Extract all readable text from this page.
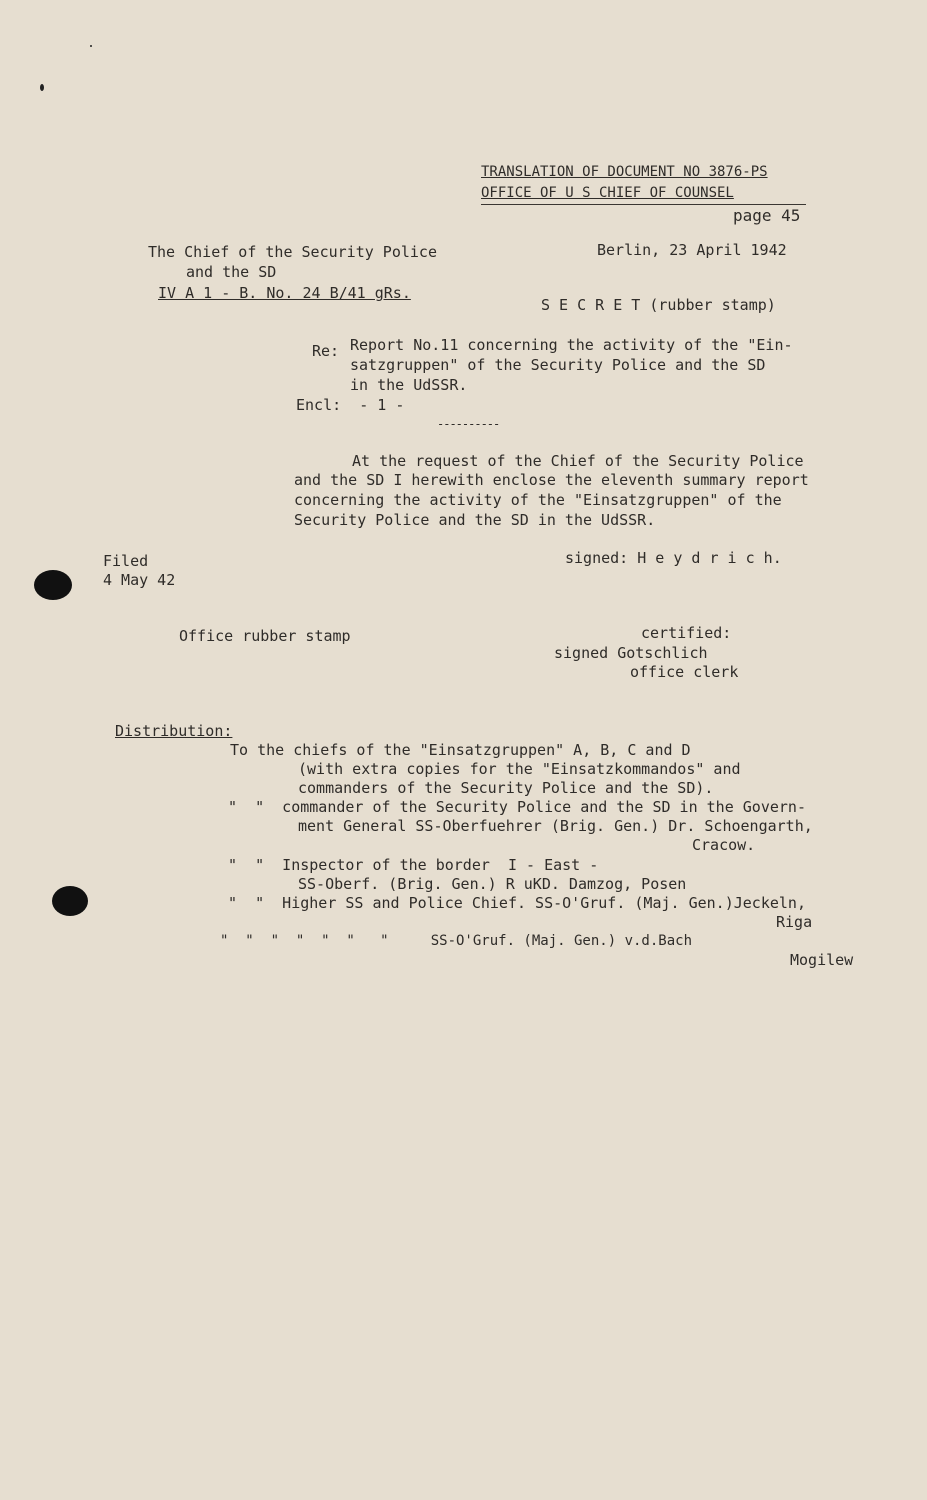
TRANSLATION OF DOCUMENT NO 3876-PS

OFFICE OF U S CHIEF OF COUNSEL

page 45

The Chief of the Security Police

and the SD

IV A 1 - B. No. 24 B/41 gRs.

Berlin, 23 April 1942

S E C R E T (rubber stamp)

Re: Report No.11 concerning the activity of the "Ein-

satzgruppen" of the Security Police and the SD

in the UdSSR.

Encl:  - 1 -

----------

At the request of the Chief of the Security Police

and the SD I herewith enclose the eleventh summary report

concerning the activity of the "Einsatzgruppen" of the

Security Police and the SD in the UdSSR.

Filed

4 May 42

signed: H e y d r i c h.

Office rubber stamp	certified:

signed Gotschlich

office clerk

Distribution:

To the chiefs of the "Einsatzgruppen" A, B, C and D

(with extra copies for the "Einsatzkommandos" and

commanders of the Security Police and the SD).

"  "  commander of the Security Police and the SD in the Govern-

ment General SS-Oberfuehrer (Brig. Gen.) Dr. Schoengarth,

Cracow.

"  "  Inspector of the border  I - East -

SS-Oberf. (Brig. Gen.) R uKD. Damzog, Posen

"  "  Higher SS and Police Chief. SS-O'Gruf. (Maj. Gen.)Jeckeln,

Riga

"  "  "  "  "  "   "     SS-O'Gruf. (Maj. Gen.) v.d.Bach

Mogilew
